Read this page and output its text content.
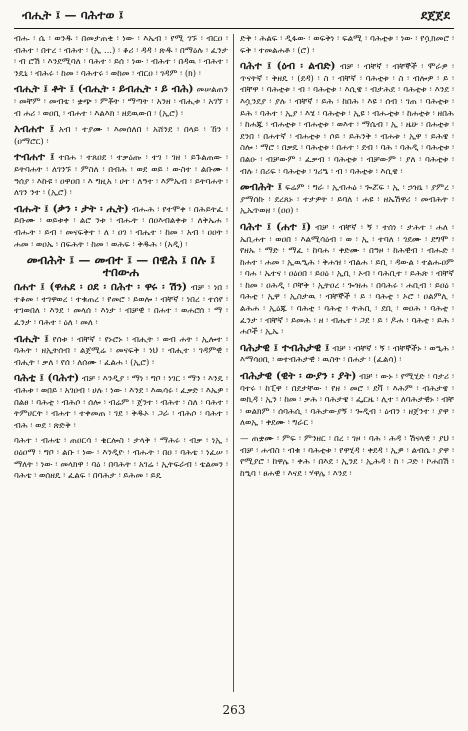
ብሒት ፤ — ባሕተወ ፤	ደጀጀደ
ብሑ ፡ ሴ ፡ ወንዱ ፡ በመታጠቂ ፡ ነው ፡ እኤብ ፡ የሚ ገኙ ፡ ብርዐ ፡ ብሕተ ፡ በተረ ፡ ብሕተ ፡ (ኢ ...) ፡ ቆሪ ፡ ዳዳ ፡ ጽዱ ፡ በማዕሉ ፡ ፈንታ ፡ ብ ሮሽ ፡ እንደሚባለ ፡ ባሕተ ፡ ይሰ ፡ ነው ፡ ብሕተ ፡ በዳዉ ፡ ብሕተ ፡ ንዴኒ ፡ ብሕሩ ፡ ከመ ፡ ባሕተሩ ፡ ወከመ ፡ ብርዐ ፡ ገዳም ፡ (ክ) ፡
ብሒት ፤ ቶት ፤ (ብሒት ፡ ይብሒት ፡ ይ ብሕ) መሠልጠን ፡ መቸም ፡ መብቴ ፡ ቋጭ ፡ ምቾት ፡ ማጣት ፡ አንዘ ፡ ብሒቱ ፡ አገኘ ፡ ብ ሐሪ ፡ ወዐቢ ፡ ብሐተ ፡ እልእክ ፡ ዘደዉውበ ፡ (ኢሮ) ፡
አብሐተ ፤ አብ ፡ ተያሙ ፡ እመሰለበ ፡ አሸንደ ፡ በላይ ፡ ኸን ፡ (ዐማሮር) ፡
ተብሐተ ፤ ተበሐ ፡ ተጸዐደ ፡ ተቃዕጡ ፡ ተገ ፡ ገዘ ፡ ይጉልጠው ፡ ይትባሐት ፡ ለገንኙ ፡ ምስለ ፡ በብሕ ፡ ወደ ወይ ፡ ውስተ ፡ ልቡሙ ፡ ዓሰያ ፡ እኩዩ ፡ ዐዋዐበ ፡ እ ግዚአ ፡ ሀተ ፡ ለዓተ ፡ እምኤብ ፡ ይትባሐት ፡ ለገን ንተ ፡ (ኢሮ) ፡
ብሑት ፤ (ቃን ፡ ታት ፡ ሒት) ብሑሕ ፡ የተሞቀ ፡ በሕይትፈ ፡ ይቡሙ ፡ ወይቱቀ ፡ ልሮ ንቱ ፡ ብሑት ፡ በዐእብልቀቱ ፡ ለቅኤሐ ፡ ብሑት ፡ ይብ ፡ መናፍቅተ ፡ ለ ፡ ዐገ ፡ ብሔተ ፡ ከመ ፡ አብ ፡ ዐዐት ፡ ሐመ ፡ ወዐኤ ፡ በፍሕት ፡ ከመ ፡ ወሕፍ ፡ ቅዱሕ ፡ (አዲ) ፡
መብሕት ፤ — መብተ ፤ — በዊሕ ፤ በሉ ፤ ተበውሐ
በሐተ ፤ (ዋሐደ ፡ ዐደ ፡ በሕተ ፡ ዋሩ ፡ ሽን) ብቻ ፡ ነበ ፡ ተቆመ ፡ ተገዋወረ ፡ ተቁጠረ ፡ የመሮ ፡ ይወሎ ፡ ብቸኛ ፡ ነበረ ፡ ተሰየ ፡ ተገወበለ ፡ እንደ ፡ መላሰ ፡ እነታ ፡ ብቻዊ ፡ በሐተ ፡ ወሐሮሰ ፡ ማ ፡ ፈንታ ፡ ባሕተ ፡ ዕለ ፡ መለ ፡
ብሒት ፤ የሰቱ ፡ ብቸኛ ፡ የኑሮኑ ፡ ብሒት ፡ ወብ ሐት ፡ ኢሎተ ፡ ባሕት ፡ ዘኢትሰብ ፡ ልጀሚሬ ፡ መናፍቅ ፡ ነህ ፡ ብሒተ ፡ ገዳምዊ ፡ ብሒት ፡ ቃለ ፡ የሰ ፡ ለሰሙ ፡ ፈልሐ ፡ (ኢሮ) ፡
ባሕቲ ፤ (ባሕተ) ብቻ ፡ እንዲያ ፡ ማነ ፡ ግቦ ፡ ነገር ፡ ማን ፡ እንዴ ፡ ብሕቱ ፡ ወበይ ፡ አገዐብ ፡ ሀሉ ፡ ነው ፡ እንደ ፡ እዉሳሩ ፡ ፈቃድ ፡ እኤዎ ፡ በልፀ ፡ ባሕቲ ፡ ብሕሶ ፡ ሰሎ ፡ ብሬም ፡ ጀንተ ፡ ብሕተ ፡ ስለ ፡ ባሕተ ፡ ትምሀርት ፡ ብሐተ ፡ ተቀመጠ ፡ ገደ ፡ ቅዱኦ ፡ ጋራ ፡ ብሕሶ ፡ ባሕተ ፡ ብሕ ፡ ወደ ፡ ጽድቅ ፡
ባሕተ ፡ ብሐቴ ፡ ጠዐርሳ ፡ ቄርሎስ ፡ ታላቅ ፡ ማሕሩ ፡ ብቃ ፡ ነኢ ፡ ዐዕዐማ ፡ ግቦ ፡ ልቡ ፡ ነው ፡ እንዲዮ ፡ ብሑት ፡ በዐ ፡ ባሕቴ ፡ ነፈሠ ፡ ማለት ፡ ነው ፡ መላክዋ ፡ ባዕ ፡ በባሕት ፡ አገሬ ፡ ኢትፍራብ ፡ ቴልመን ፡ ባሕቴ ፡ ወሰዘዴ ፡ ፈልፍ ፡ በባሕታ ፡ ይሕመ ፡ ይዴ
ድቅ ፡ ሕልፍ ፡ ዲፋው ፡ ወፍቅነ ፡ ፍልሚ ፡ ባሕቲቱ ፡ ነው ፡ የሷክመሮ ፡ ፍቅ ፡ ተመልሐቶ ፡ (ሮ) ፡
ባሕተ ፤ (ዕብ ፡ ልብድ) ብቻ ፡ ብቸኛ ፡ ብቸኞች ፡ ሞራዎ ፡ ጥናትኛ ፡ ቅዘዴ ፡ (ደዳ) ፡ ስ ፡ ብቸኛ ፡ ባሕቲቱ ፡ ስ ፡ ብሎዎ ፡ ይ ፡ ብቸዋ ፡ ባሕቲቱ ፡ ብ ፡ ባሕቲቱ ፡ እሲዌ ፡ ብታሕደ ፡ ባሕቲቱ ፡ እንደ ፡ እሷንደያ ፡ ያሉ ፡ ብቸኛ ፡ ይሕ ፡ ከበሕ ፡ እዩ ፡ ሰብ ፡ ገጠ ፡ ባሕቲቱ ፡ ይሕ ፡ ባሕተ ፡ ኢያ ፡ እሄ ፡ ባሕቲቱ ፡ ኢዩ ፡ ብሑቲቱ ፡ ከሐቲቱ ፡ ዘበሕ ፡ ከሐጁ ፡ ብሐቲቱ ፡ ብሐቲቱ ፡ ወእተ ፡ ማሴብ ፡ ኢ ፡ ዜሁ ፡ በሐቲቱ ፡ ደንበ ፡ በሐተኛ ፡ ብሐቲቱ ፡ ሶይ ፡ ይሕንቅ ፡ ብሐቱ ፡ ኢዋ ፡ ይሕዌ ፡ ስሎ ፡ ማሮ ፡ በቃዴ ፡ ባሕቲቱ ፡ በሐተ ፡ ደብ ፡ ባሕ ፡ ባሕዲ ፡ ባሕቲቱ ፡ በልዑ ፡ ብቻውም ፡ ፈቃብ ፡ ባሕቲቱ ፡ ብቻውም ፡ ያለ ፡ ባሕቲቱ ፡ ብሉ ፡ በሪፍ ፡ ባሕቲቱ ፡ ገሪዔ ፡ ብ ፡ ባሕቲቱ ፡ እሲዌ ፡
መብሕት ፤ ፍሬም ፡ ግራ ፡ ኢብሐዕ ፡ ጐሯፍ ፡ ኢ ፡ ኃዝኒ ፡ ያምረ ፡ ያማሰኩ ፡ ደረጸኑ ፡ ተታዎት ፡ ይባለ ፡ ሐዩ ፡ ዘኤሽዋሪ ፡ መብሕት ፡ ኢኤጥወዘ ፡ (ዐዐ) ፡
ባሕተ ፤ (ሐተ ፤) ብቻ ፡ ብቸኛ ፡ ኝ ፡ ተሰነ ፡ ታሕተ ፡ ሐለ ፡ ኤቢሐተ ፡ ወዐበ ፡ እልሚሳዕብ ፡ ወ ፡ ኢ ፡ ተባለ ፡ ገደሙ ፡ ደግሞ ፡ የዘኡ ፡ ማድ ፡ ማፈ ፡ ከባሐ ፡ ቀድሙ ፡ በዓዞ ፡ ከሕዊብ ፡ ብሑድ ፡ ከሐተ ፡ ሐመ ፡ ኢዉዒሕ ፡ ቅሐዝ ፡ ብልሐ ፡ ይቢ ፡ ዳውል ፡ ተልሑዐም ፡ ባሐ ፡ ኤተና ፡ ዐዕዐበ ፡ ይዐዕ ፡ ኢቢ ፡ ኦብ ፡ ባሕቢተ ፡ ይሕጽ ፡ ብቸኛ ፡ ከመ ፡ ዐሕዲ ፡ ቦቸቅ ፡ ኢትዐረ ፡ ጐዝሐ ፡ በባሕሩ ፡ ሐቢብ ፡ ይዐዕ ፡ ባሕቲ ፡ ኢዋ ፡ ኢስታዉ ፡ ብቸኞች ፡ ይ ፡ ባሕቲ ፡ ኦሮ ፡ ዐልምሊ ፡ ልሕሐ ፡ ኢዕጁ ፡ ባሕቲ ፡ ባሕቲ ፡ ትሕቢ ፡ ደቢ ፡ ወዐሕ ፡ ባሕቲ ፡ ፈንታ ፡ ብቸኛ ፡ ይመሕ ፡ ዘ ፡ ብሔተ ፡ ጋደ ፡ ይ ፡ ዶሐ ፡ ባሕቲ ፡ ይሕ ፡ ሐቦች ፡ ኢኤ ፡
ባሕታዊ ፤ ተብሕታዊ ፤ ብቻ ፡ ብቸኛ ፡ ኝ ፡ ብቸኞችኑ ፡ ወዒሕ ፡ እማሳዐቢ ፡ ወተብሕታዊ ፡ ዉስት ፡ በሐታ ፡ (ፈልሳ) ፡
ብሕታዊ (ዊት ፡ ውያን ፡ ያት) ብቻ ፡ ውኑ ፡ የሚሂድ ፡ ባታሪ ፡ ባተሩ ፡ ከፒዋ ፡ በደታቸው ፡ የዘ ፡ መሮ ፡ ደቫ ፡ እሕም ፡ ብሕታዌ ፡ ወኪዳ ፡ ኢን ፡ ከመ ፡ ቃሕ ፡ ባሕታዌ ፡ ፌርዜ ፡ ሊተ ፡ ለባሕታዊኑ ፡ ብቸ ፡ ወልክም ፡ ሰባሕሲ ፡ ባሕታውያኝ ፡ ጐዲብ ፡ ዕብን ፡ ዘጀንተ ፡ ያዋ ፡ ለወኢ ፡ ቀደሙ ፡ ግራር ፡
— ጠቋሙ ፡ ምፍ ፡ ምንዘር ፡ በረ ፡ ገዞ ፡ ባሕ ፡ ሕዳ ፡ ሽናላዊ ፡ ያህ ፡ ብቻ ፡ ሐብስ ፡ ብቁ ፡ ባሕቲቱ ፡ የዋሂዳ ፡ ቀደዳ ፡ ኢዎ ፡ ልብሴ ፡ ያዋ ፡ የሚያሮ ፡ ከዋሌ ፡ ቀሕ ፡ በእደ ፡ ኢንደ ፡ ኢሕዳ ፡ ከ ፡ ጋድ ፡ ኮሐበሽ ፡ ከዒባ ፡ ፀሐዊ ፡ እናደ ፡ ሃዋሌ ፡ እንደ ፡
263
